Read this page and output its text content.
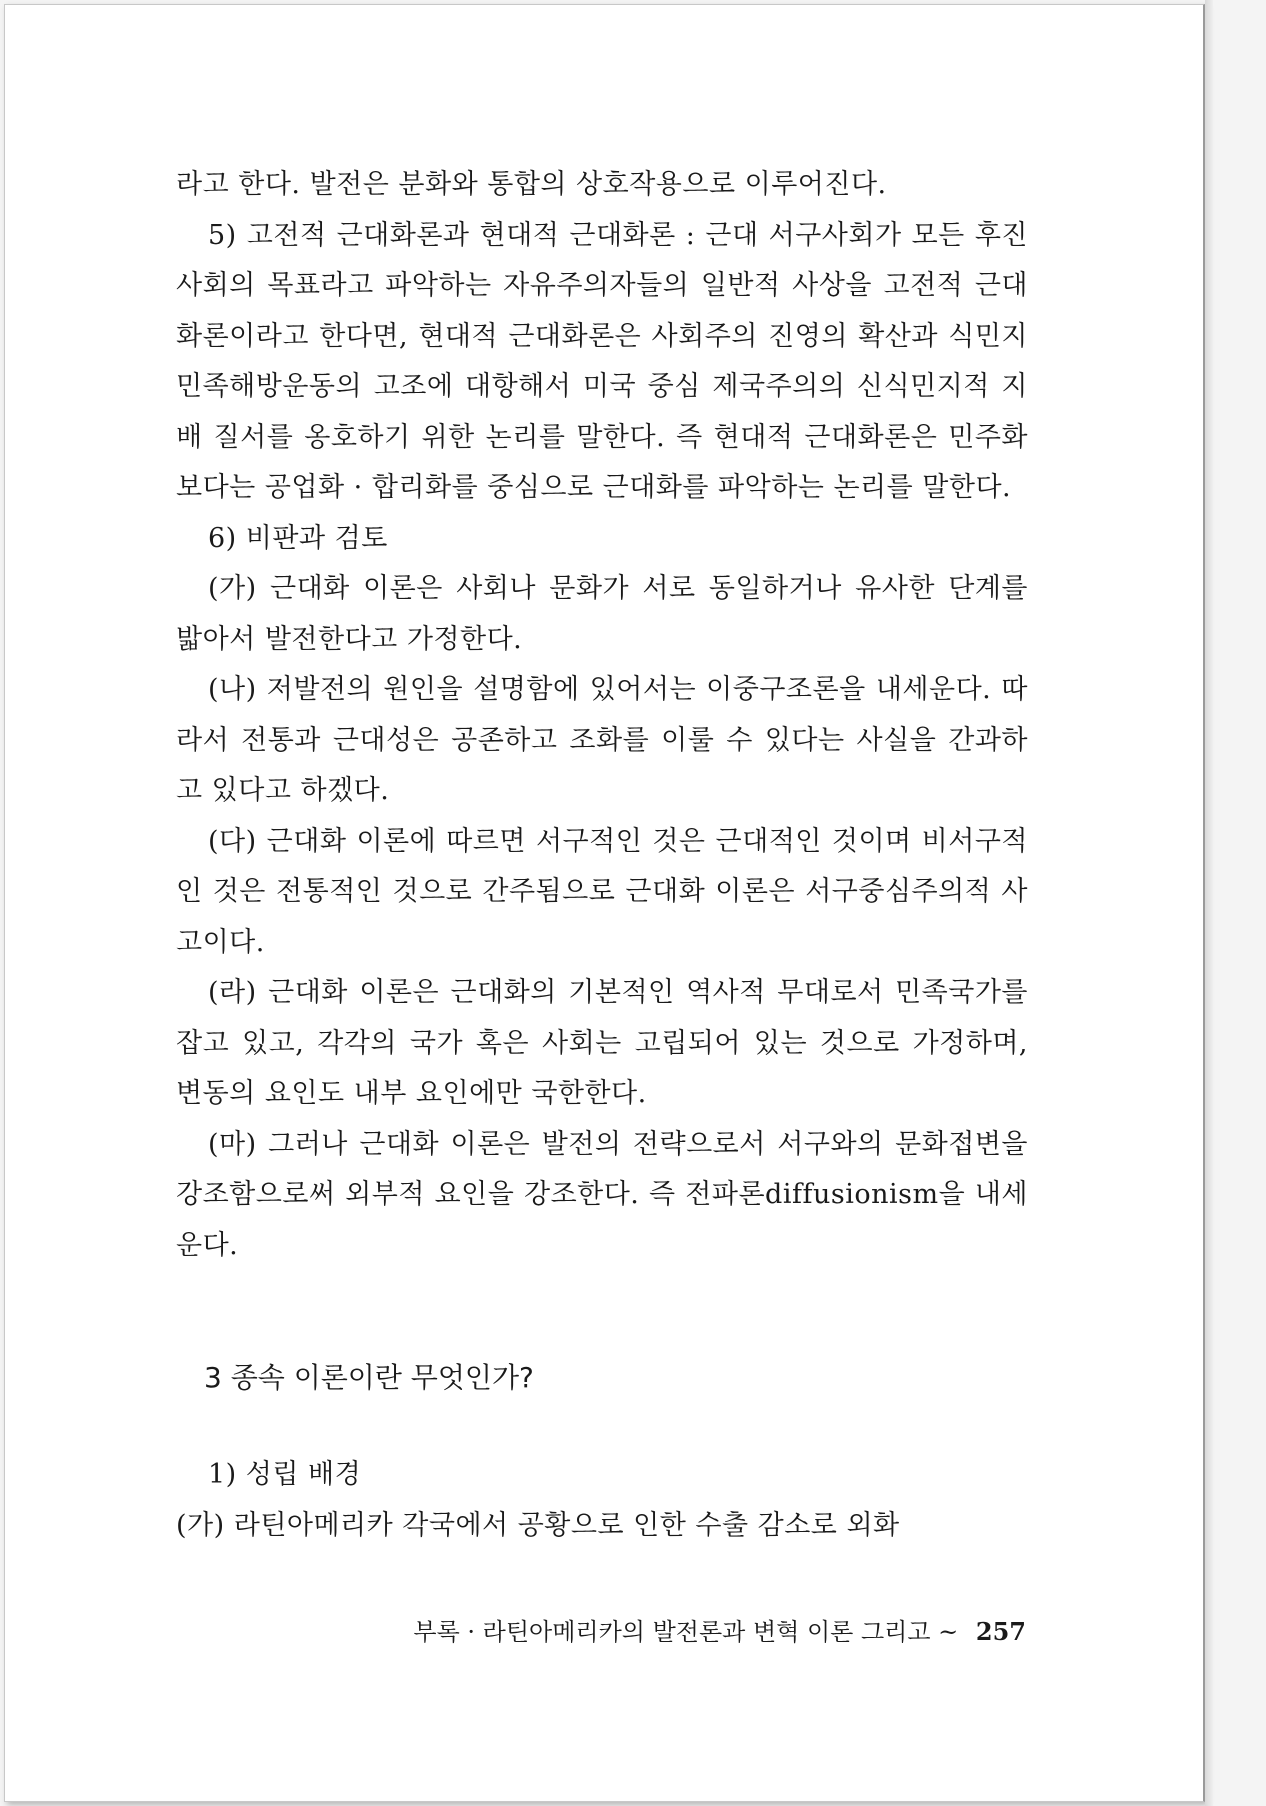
라고 한다. 발전은 분화와 통합의 상호작용으로 이루어진다.

5) 고전적 근대화론과 현대적 근대화론 : 근대 서구사회가 모든 후진사회의 목표라고 파악하는 자유주의자들의 일반적 사상을 고전적 근대화론이라고 한다면, 현대적 근대화론은 사회주의 진영의 확산과 식민지 민족해방운동의 고조에 대항해서 미국 중심 제국주의의 신식민지적 지배 질서를 옹호하기 위한 논리를 말한다. 즉 현대적 근대화론은 민주화보다는 공업화 · 합리화를 중심으로 근대화를 파악하는 논리를 말한다.

6) 비판과 검토

(가) 근대화 이론은 사회나 문화가 서로 동일하거나 유사한 단계를 밟아서 발전한다고 가정한다.

(나) 저발전의 원인을 설명함에 있어서는 이중구조론을 내세운다. 따라서 전통과 근대성은 공존하고 조화를 이룰 수 있다는 사실을 간과하고 있다고 하겠다.

(다) 근대화 이론에 따르면 서구적인 것은 근대적인 것이며 비서구적인 것은 전통적인 것으로 간주됨으로 근대화 이론은 서구중심주의적 사고이다.

(라) 근대화 이론은 근대화의 기본적인 역사적 무대로서 민족국가를 잡고 있고, 각각의 국가 혹은 사회는 고립되어 있는 것으로 가정하며, 변동의 요인도 내부 요인에만 국한한다.

(마) 그러나 근대화 이론은 발전의 전략으로서 서구와의 문화접변을 강조함으로써 외부적 요인을 강조한다. 즉 전파론diffusionism을 내세운다.

3 종속 이론이란 무엇인가?

1) 성립 배경

(가) 라틴아메리카 각국에서 공황으로 인한 수출 감소로 외화

부록 · 라틴아메리카의 발전론과 변혁 이론 그리고 ~ 257
